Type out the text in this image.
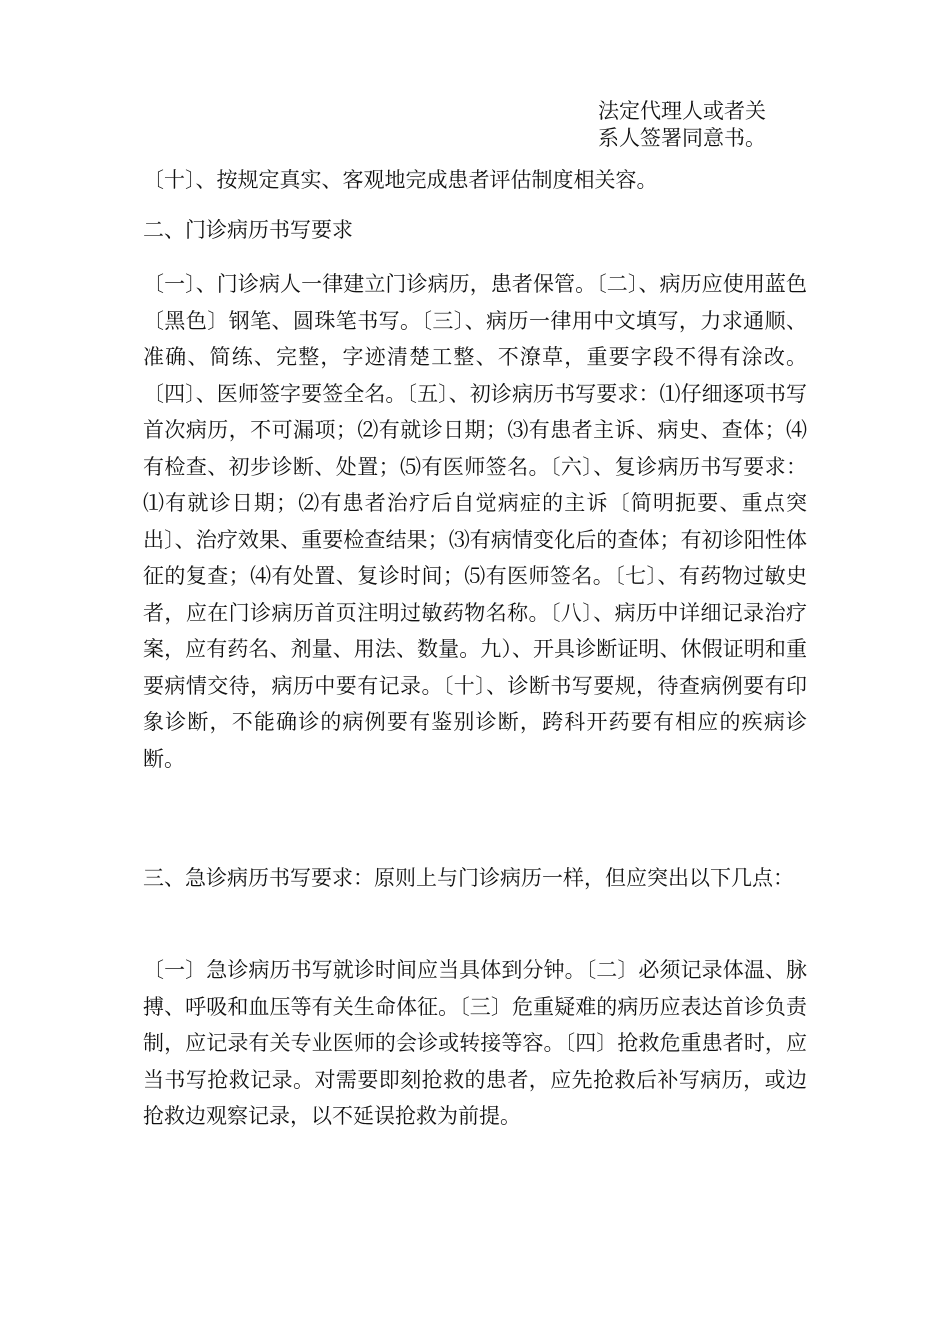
法定代理人或者关
系人签署同意书。

〔十〕、按规定真实、客观地完成患者评估制度相关容。

二、门诊病历书写要求

〔一〕、门诊病人一律建立门诊病历，患者保管。〔二〕、病历应使用蓝色〔黑色〕钢笔、圆珠笔书写。〔三〕、病历一律用中文填写，力求通顺、准确、简练、完整，字迹清楚工整、不潦草，重要字段不得有涂改。〔四〕、医师签字要签全名。〔五〕、初诊病历书写要求：⑴仔细逐项书写首次病历，不可漏项；⑵有就诊日期；⑶有患者主诉、病史、查体；⑷有检查、初步诊断、处置；⑸有医师签名。〔六〕、复诊病历书写要求：⑴有就诊日期；⑵有患者治疗后自觉病症的主诉〔简明扼要、重点突出〕、治疗效果、重要检查结果；⑶有病情变化后的查体；有初诊阳性体征的复查；⑷有处置、复诊时间；⑸有医师签名。〔七〕、有药物过敏史者，应在门诊病历首页注明过敏药物名称。〔八〕、病历中详细记录治疗案，应有药名、剂量、用法、数量。九）、开具诊断证明、休假证明和重要病情交待，病历中要有记录。〔十〕、诊断书写要规，待查病例要有印象诊断，不能确诊的病例要有鉴别诊断，跨科开药要有相应的疾病诊断。

三、急诊病历书写要求：原则上与门诊病历一样，但应突出以下几点：

〔一〕急诊病历书写就诊时间应当具体到分钟。〔二〕必须记录体温、脉搏、呼吸和血压等有关生命体征。〔三〕危重疑难的病历应表达首诊负责制，应记录有关专业医师的会诊或转接等容。〔四〕抢救危重患者时，应当书写抢救记录。对需要即刻抢救的患者，应先抢救后补写病历，或边抢救边观察记录，以不延误抢救为前提。
